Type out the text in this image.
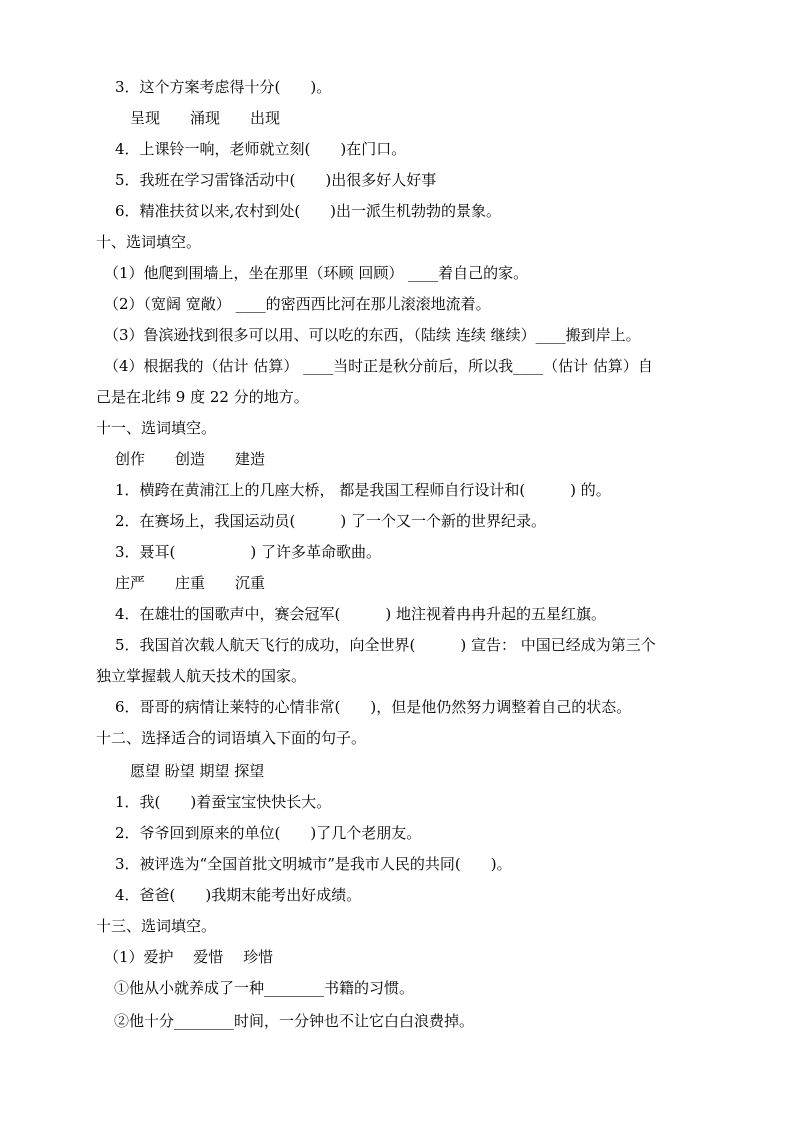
3．这个方案考虑得十分(　　)。
呈现　　涌现　　出现
4．上课铃一响，老师就立刻(　　)在门口。
5．我班在学习雷锋活动中(　　)出很多好人好事
6．精准扶贫以来,农村到处(　　)出一派生机勃勃的景象。
十、选词填空。
（1）他爬到围墙上，坐在那里（环顾 回顾） ____着自己的家。
（2）（宽阔 宽敞） ____的密西西比河在那儿滚滚地流着。
（3）鲁滨逊找到很多可以用、可以吃的东西，（陆续 连续 继续）____搬到岸上。
（4）根据我的（估计 估算） ____当时正是秋分前后，所以我____（估计 估算）自
己是在北纬 9 度 22 分的地方。
十一、选词填空。
创作　　创造　　建造
1．横跨在黄浦江上的几座大桥， 都是我国工程师自行设计和(　　　) 的。
2．在赛场上，我国运动员(　　　) 了一个又一个新的世界纪录。
3．聂耳(　　　　　) 了许多革命歌曲。
庄严　　庄重　　沉重
4．在雄壮的国歌声中，赛会冠军(　　　) 地注视着冉冉升起的五星红旗。
5．我国首次载人航天飞行的成功，向全世界(　　　) 宣告： 中国已经成为第三个
独立掌握载人航天技术的国家。
6．哥哥的病情让莱特的心情非常(　　)，但是他仍然努力调整着自己的状态。
十二、选择适合的词语填入下面的句子。
愿望 盼望 期望 探望
1．我(　　)着蚕宝宝快快长大。
2．爷爷回到原来的单位(　　)了几个老朋友。
3．被评选为“全国首批文明城市”是我市人民的共同(　　)。
4．爸爸(　　)我期末能考出好成绩。
十三、选词填空。
（1）爱护　 爱惜　 珍惜
①他从小就养成了一种________书籍的习惯。
②他十分________时间，一分钟也不让它白白浪费掉。
